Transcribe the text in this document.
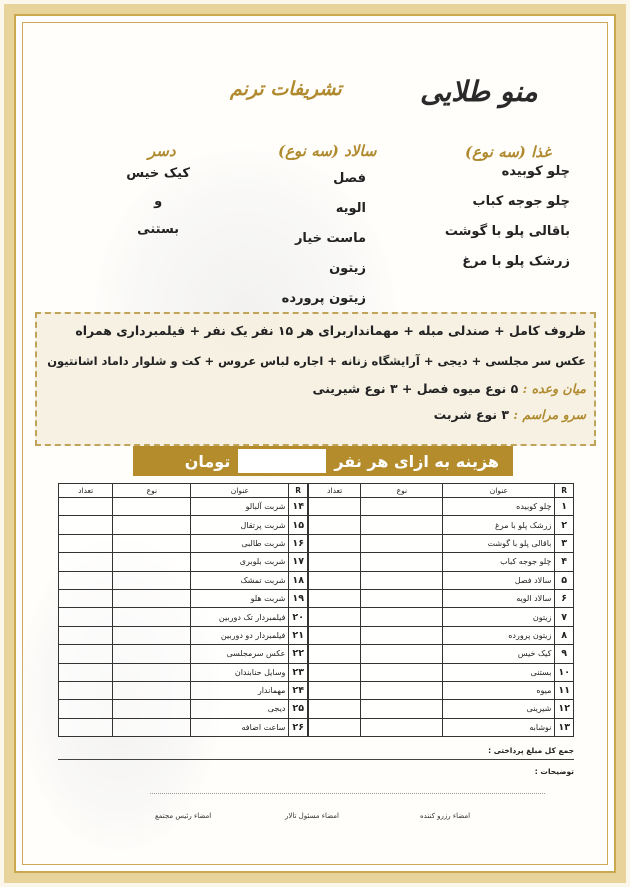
منو طلایی
تشریفات ترنم
غذا (سه نوع)
سالاد (سه نوع)
دسر
چلو کوبیده
چلو جوجه کباب
باقالی پلو با گوشت
زرشک پلو با مرغ
فصل
الویه
ماست خیار
زیتون
زیتون پرورده
کیک خیس
و
بستنی
ظروف کامل + صندلی مبله + مهمانداربرای هر ۱۵ نفر یک نفر + فیلمبرداری همراه
عکس سر مجلسی + دیجی + آرایشگاه زنانه + اجاره لباس عروس + کت و شلوار داماد اشانتیون
میان وعده : ۵ نوع میوه فصل + ۳ نوع شیرینی
سرو مراسم : ۳ نوع شربت
هزینه به ازای هر نفر
تومان
R	عنوان	نوع	تعداد
۱	چلو کوبیده		
۲	زرشک پلو با مرغ		
۳	باقالی پلو با گوشت		
۴	چلو جوجه کباب		
۵	سالاد فصل		
۶	سالاد الویه		
۷	زیتون		
۸	زیتون پرورده		
۹	کیک خیس		
۱۰	بستنی		
۱۱	میوه		
۱۲	شیرینی		
۱۳	نوشابه		
R	عنوان	نوع	تعداد
۱۴	شربت آلبالو		
۱۵	شربت پرتقال		
۱۶	شربت طالبی		
۱۷	شربت بلوبری		
۱۸	شربت تمشک		
۱۹	شربت هلو		
۲۰	فیلمبردار تک دوربین		
۲۱	فیلمبردار دو دوربین		
۲۲	عکس سرمجلسی		
۲۳	وسایل حنابندان		
۲۴	مهماندار		
۲۵	دیجی		
۲۶	ساعت اضافه		
جمع کل مبلغ پرداختی :
توضیحات :
امضاء رزرو کننده
امضاء مسئول تالار
امضاء رئیس مجتمع
